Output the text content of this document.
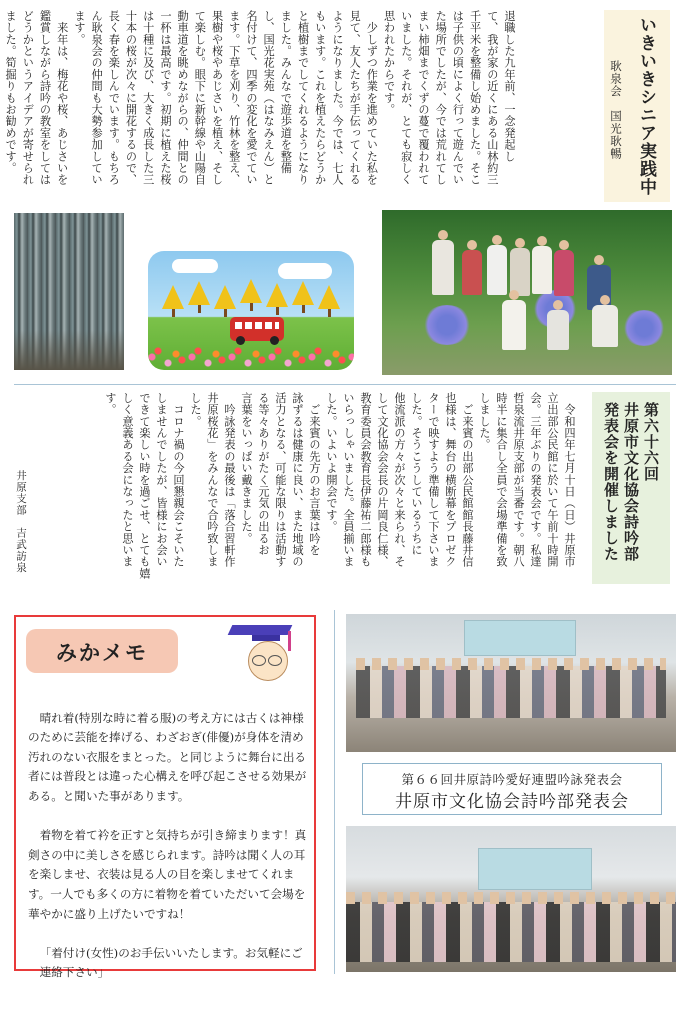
いきいきシニア実践中
耿泉会　国光耿暢
退職した九年前、一念発起し
て、我が家の近くにある山林約三
千平米を整備し始めました。そこ
は子供の頃によく行って遊んでい
た場所でしたが、今では荒れてし
まい柿畑までくずの蔓で覆われて
いました。それが、とても寂しく
思われたからです。
　少しずつ作業を進めていた私を
見て、友人たちが手伝ってくれる
ようになりました。今では、七人
もいます。これを植えたらどうか
と植樹までしてくれるようになり
ました。みんなで遊歩道を整備
し、国光花実苑（はなみえん）と
名付けて、四季の変化を愛でてい
ます。下草を刈り、竹林を整え、
果樹や桜やあじさいを植え、そし
て楽しむ。眼下に新幹線や山陽自
動車道を眺めながらの、仲間との
一杯は最高です。初期に植えた桜
は十種に及び、大きく成長した三
十本の桜が次々に開花するので、
長く春を楽しんでいます。もちろ
ん耿泉会の仲間も大勢参加してい
ます。
　来年は、梅花や桜、あじさいを
鑑賞しながら詩吟の教室をしては
どうかというアイデアが寄せられ
ました。筍掘りもお勧めです。
第六十六回
井原市文化協会詩吟部
発表会を開催しました
　令和四年七月十日（日）井原市
立出部公民館に於いて午前十時開
会。三年ぶりの発表会です。私達
哲泉流井原支部が当番です。朝八
時半に集合し全員で会場準備を致
しました。
　ご来賓の出部公民館館長藤井信
也様は、舞台の横断幕をプロゼク
ターで映すよう準備して下さいま
した。そうこうしているうちに
他流派の方々が次々と来られ、そ
して文化協会会長の片岡良仁様、
教育委員会教育長伊藤祐二郎様も
いらっしゃいました。全員揃いま
した。いよいよ開会です。
　ご来賓の先方のお言葉は吟を
詠ずるは健康に良い、また地域の
活力となる、可能な限りは活動す
る等々ありがたく元気の出るお
言葉をいっぱい戴きました。
　吟詠発表の最後は「落合習軒作
井原桜花」をみんなで合吟致しま
した。
　コロナ禍の今回懇親会こそいた
しませんでしたが、皆様にお会い
できて楽しい時を過ごせ、とても嬉
しく意義ある会になったと思いま
す。
井原支部　吉武訪泉
みかメモ

晴れ着(特別な時に着る服)の考え方には古くは神様のために芸能を捧げる、わざおぎ(俳優)が身体を清め汚れのない衣服をまとった。と同じように舞台に出る者には普段とは違った心構えを呼び起こさせる効果がある。と聞いた事があります。

着物を着て衿を正すと気持ちが引き締まります！真剣さの中に美しさを感じられます。詩吟は聞く人の耳を楽しませ、衣装は見る人の目を楽しませてくれます。一人でも多くの方に着物を着ていただいて会場を華やかに盛り上げたいですね！

「着付け(女性)のお手伝いいたします。お気軽にご連絡下さい」

第６６回井原詩吟愛好連盟吟詠発表会
井原市文化協会詩吟部発表会
